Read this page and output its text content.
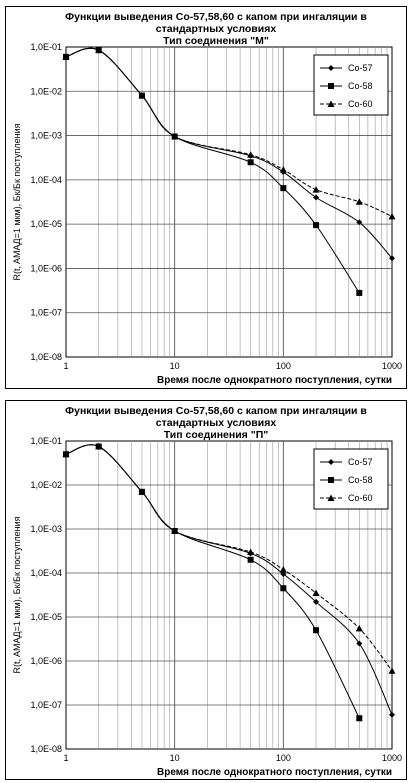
Функции выведения Co-57,58,60 с капом при ингаляции в
стандартных условиях
Тип соединения "М"
1,0E-08
1,0E-07
1,0E-06
1,0E-05
1,0E-04
1,0E-03
1,0E-02
1,0E-01
1	10	100	1000
Время после однократного поступления, сутки
R(t, AMAД=1 мкм), Бк/Бк поступления
Co-57
Co-58
Co-60
Функции выведения Co-57,58,60 с капом при ингаляции в
стандартных условиях
Тип соединения "П"
1,0E-08
1,0E-07
1,0E-06
1,0E-05
1,0E-04
1,0E-03
1,0E-02
1,0E-01
1	10	100	1000
Время после однократного поступления, сутки
R(t, AMAД=1 мкм), Бк/Бк поступления
Co-57
Co-58
Co-60
